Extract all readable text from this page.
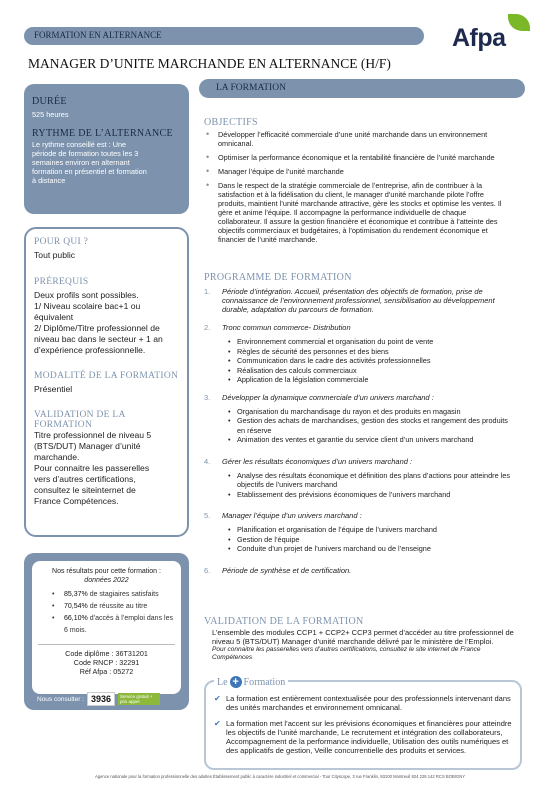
FORMATION EN ALTERNANCE	Afpa
MANAGER D’UNITE MARCHANDE EN ALTERNANCE (H/F)
DURÉE
525 heures
RYTHME DE L’ALTERNANCE
Le rythme conseillé est : Une
période de formation toutes les 3
semaines environ en alternant
formation en présentiel et formation
à distance
POUR QUI ?
Tout public
PRÉREQUIS
Deux profils sont possibles.
1/ Niveau scolaire bac+1 ou
équivalent
2/ Diplôme/Titre professionnel de
niveau bac dans le secteur + 1 an
d’expérience professionnelle.
MODALITÉ DE LA FORMATION
Présentiel
VALIDATION DE LA
FORMATION
Titre professionnel de niveau 5
(BTS/DUT) Manager d’unité
marchande.
Pour connaitre les passerelles
vers d’autres certifications,
consultez le siteinternet de
France Compétences.
Nos résultats pour cette formation :
données 2022
• 85,37% de stagiaires satisfaits
• 70,54% de réussite au titre
• 66,10% d’accès à l’emploi dans les 6 mois.
Code diplôme : 36T31201
Code RNCP : 32291
Réf Afpa : 05272
Nous consulter : 3936	Service gratuit + prix appel
LA FORMATION
OBJECTIFS
• Développer l’efficacité commerciale d’une unité marchande dans un environnement omnicanal.
• Optimiser la performance économique et la rentabilité financière de l’unité marchande
• Manager l’équipe de l’unité marchande
• Dans le respect de la stratégie commerciale de l’entreprise, afin de contribuer à la satisfaction et à la fidélisation du client, le manager d’unité marchande pilote l’offre produits, maintient l’unité marchande attractive, gère les stocks et optimise les ventes. Il gère et anime l’équipe. Il accompagne la performance individuelle de chaque collaborateur. Il assure la gestion financière et économique et contribue à l’atteinte des objectifs commerciaux et budgétaires, à l’optimisation du rendement économique et financier de l’unité marchande.
PROGRAMME DE FORMATION
1. Période d’intégration. Accueil, présentation des objectifs de formation, prise de connaissance de l’environnement professionnel, sensibilisation au développement durable, adaptation du parcours de formation.
2. Tronc commun commerce- Distribution
• Environnement commercial et organisation du point de vente
• Règles de sécurité des personnes et des biens
• Communication dans le cadre des activités professionnelles
• Réalisation des calculs commerciaux
• Application de la législation commerciale
3. Développer la dynamique commerciale d’un univers marchand :
• Organisation du marchandisage du rayon et des produits en magasin
• Gestion des achats de marchandises, gestion des stocks et rangement des produits en réserve
• Animation des ventes et garantie du service client d’un univers marchand
4. Gérer les résultats économiques d’un univers marchand :
• Analyse des résultats économique et définition des plans d’actions pour atteindre les objectifs de l’univers marchand
• Etablissement des prévisions économiques de l’univers marchand
5. Manager l’équipe d’un univers marchand :
• Planification et organisation de l’équipe de l’univers marchand
• Gestion de l’équipe
• Conduite d’un projet de l’univers marchand ou de l’enseigne
6. Période de synthèse et de certification.
VALIDATION DE LA FORMATION
L’ensemble des modules CCP1 + CCP2+ CCP3 permet d’accéder au titre professionnel de niveau 5 (BTS/DUT) Manager d’unité marchande délivré par le ministère de l’Emploi.
Pour connaitre les passerelles vers d’autres certifications, consultez le site internet de France Compétences
Le + Formation
✔ La formation est entièrement contextualisée pour des professionnels intervenant dans des unités marchandes et environnement omnicanal.
✔ La formation met l’accent sur les prévisions économiques et financières pour atteindre les objectifs de l’unité marchande, Le recrutement et intégration des collaborateurs, Accompagnement de la performance individuelle, Utilisation des outils numériques et des applicatifs de gestion, Veille concurrentielle des produits et services.
Agence nationale pour la formation professionnelle des adultes Établissement public à caractère industriel et commercial - Tour Cityscope, 3 rue Franklin, 93100 Montreuil 824 228 142 RCS BOBIGNY
